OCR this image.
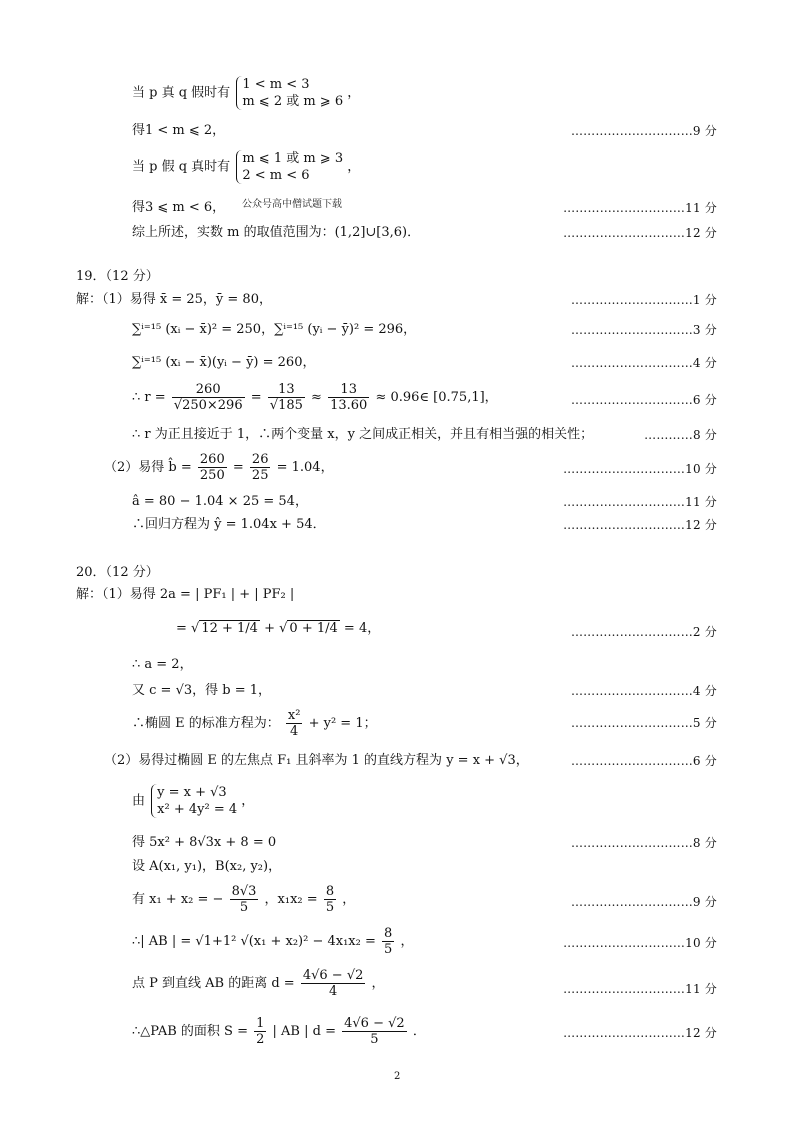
当 p 真 q 假时有
1 < m < 3
m ⩽ 2 或 m ⩾ 6
，
得1 < m ⩽ 2，	…………………………9 分
当 p 假 q 真时有
m ⩽ 1 或 m ⩾ 3
2 < m < 6
，
得3 ⩽ m < 6， 公众号高中僧试题下载	…………………………11 分
综上所述，实数 m 的取值范围为：(1,2]∪[3,6)．	…………………………12 分
19．（12 分）
解：（1）易得 x̄ = 25，ȳ = 80，	…………………………1 分
∑ⁱ⁼¹⁵ (xᵢ − x̄)² = 250，∑ⁱ⁼¹⁵ (yᵢ − ȳ)² = 296，	…………………………3 分
∑ⁱ⁼¹⁵ (xᵢ − x̄)(yᵢ − ȳ) = 260，	…………………………4 分
∴ $r = \frac{260}{√250\times 296} = \frac{13}{√185} \approx \frac{13}{13.60}$ ≈ 0.96∈ [0.75,1]，	…………………………6 分
∴ r 为正且接近于 1，∴两个变量 x，y 之间成正相关，并且有相当强的相关性；	…………8 分
（2）易得 b̂ = $\frac{260}{250} = \frac{26}{25} = 1.04$，	…………………………10 分
â = 80 − 1.04 × 25 = 54，	…………………………11 分
∴回归方程为 ŷ = 1.04x + 54．	…………………………12 分
20．（12 分）
解：（1）易得 2a = | PF₁ | + | PF₂ |
= √ 12 + 1/4 + √ 0 + 1/4 = 4，	…………………………2 分
∴ a = 2，
又 c = √3，得 b = 1，	…………………………4 分
∴椭圆 E 的标准方程为： $\frac{\text{x²}}{4} + y^2 = 1$；	…………………………5 分
（2）易得过椭圆 E 的左焦点 F₁ 且斜率为 1 的直线方程为 y = x + √3，	…………………………6 分
由
y = x + √3
x² + 4y² = 4
，
得 5x² + 8√3x + 8 = 0	…………………………8 分
设 A(x₁, y₁)，B(x₂, y₂)，
有 x₁ + x₂ = − $\frac{8√3}{5}$ ，$x_1x_2 = \frac{8}{5}$ ，	…………………………9 分
∴| AB | = √1+1² $√(x_1 + x_2)^2 - 4x_1x_2 = \frac{8}{5}$ ，	…………………………10 分
点 P 到直线 AB 的距离 $d = \frac{4√6 - √2}{4}$ ，	…………………………11 分
∴△PAB 的面积 $S = \frac{1}{2}$ | AB | $d = \frac{4√6 - √2}{5}$ ．	…………………………12 分
2
